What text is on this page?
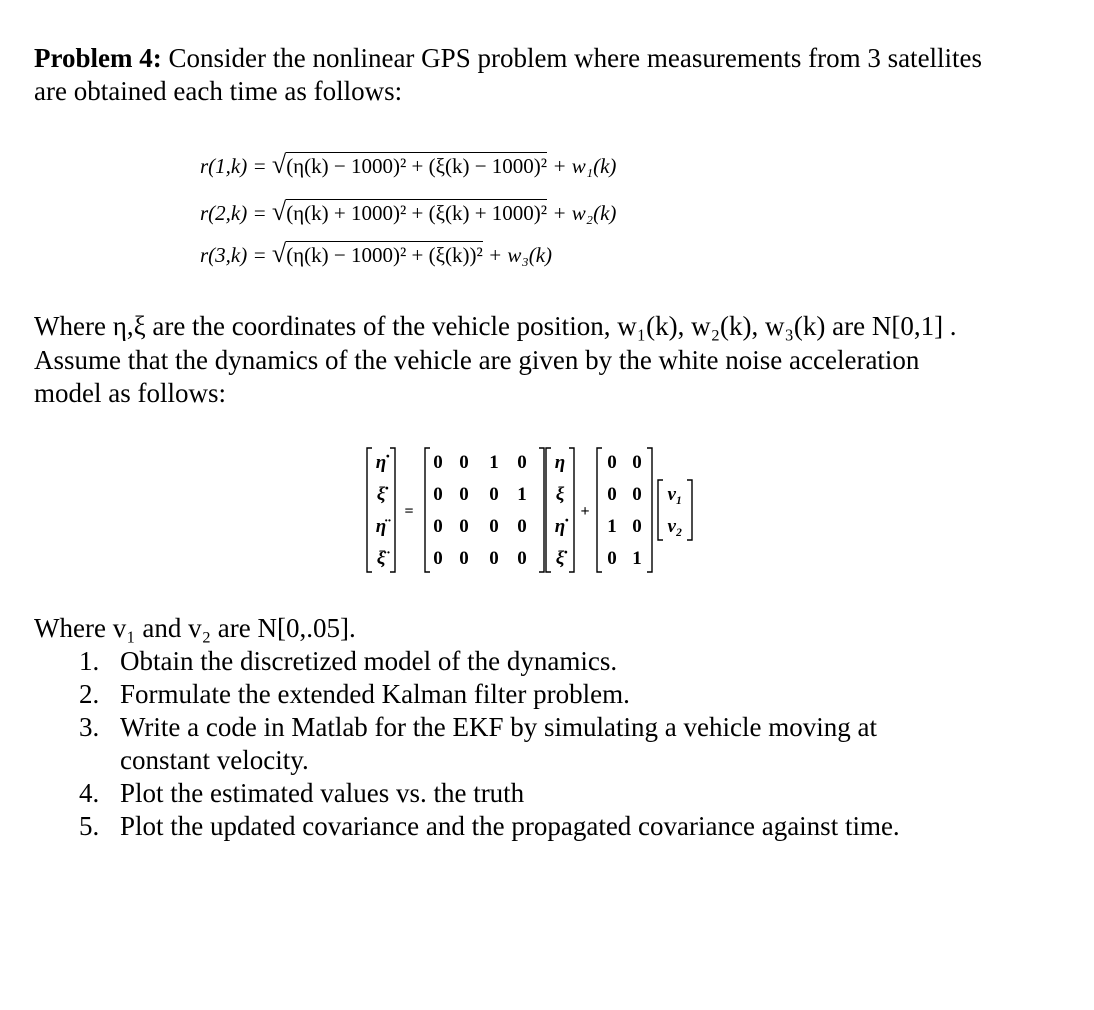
Problem 4: Consider the nonlinear GPS problem where measurements from 3 satellites
are obtained each time as follows:
r(1,k) = √(η(k) − 1000)² + (ξ(k) − 1000)² + w₁(k)
r(2,k) = √(η(k) + 1000)² + (ξ(k) + 1000)² + w₂(k)
r(3,k) = √(η(k) − 1000)² + (ξ(k))² + w₃(k)
Where η,ξ are the coordinates of the vehicle position, w₁(k), w₂(k), w₃(k) are N[0,1] .
Assume that the dynamics of the vehicle are given by the white noise acceleration
model as follows:
η̇
ξ̇
η̈
ξ̈
=
0 0 1 0
0 0 0 1
0 0 0 0
0 0 0 0
η
ξ
η̇
ξ̇
+
0 0
0 0
1 0
0 1
v₁
v₂
Where v₁ and v₂ are N[0,.05].
1. Obtain the discretized model of the dynamics.
2. Formulate the extended Kalman filter problem.
3. Write a code in Matlab for the EKF by simulating a vehicle moving at
constant velocity.
4. Plot the estimated values vs. the truth
5. Plot the updated covariance and the propagated covariance against time.
